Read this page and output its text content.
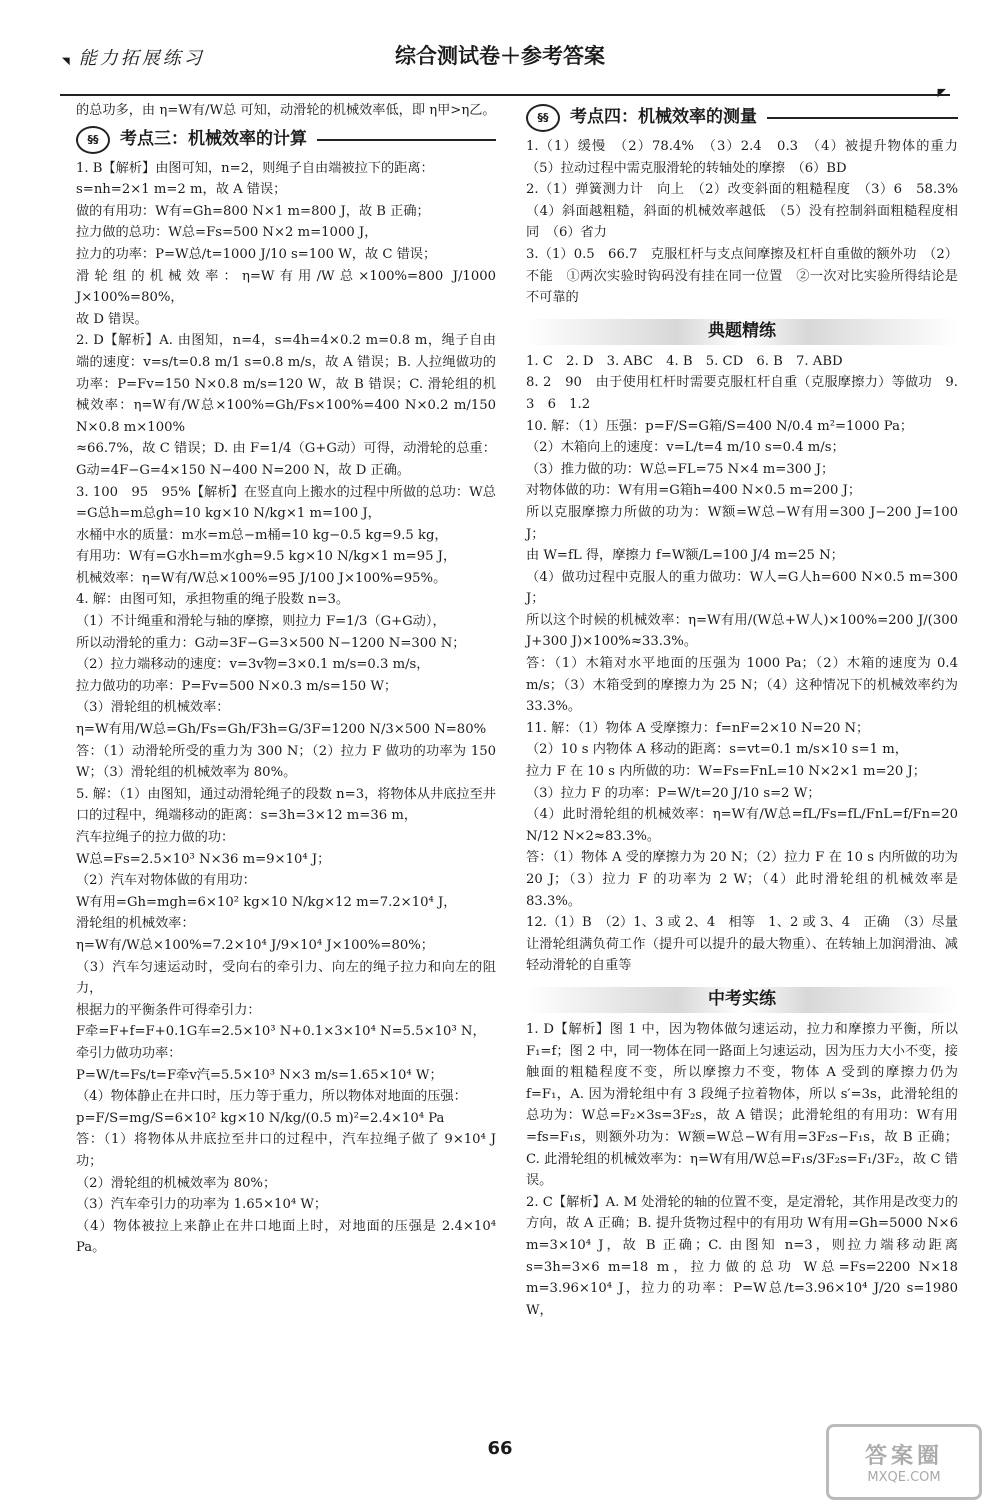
◥ 能力拓展练习	综合测试卷＋参考答案
◤

的总功多，由 η=W有/W总 可知，动滑轮的机械效率低，即 η甲>η乙。

§§	考点三：机械效率的计算

1. B【解析】由图可知，n=2，则绳子自由端被拉下的距离：

s=nh=2×1 m=2 m，故 A 错误；

做的有用功：W有=Gh=800 N×1 m=800 J，故 B 正确；

拉力做的总功：W总=Fs=500 N×2 m=1000 J，

拉力的功率：P=W总/t=1000 J/10 s=100 W，故 C 错误；

滑轮组的机械效率：η=W有用/W总×100%=800 J/1000 J×100%=80%，

故 D 错误。

2. D【解析】A. 由图知，n=4，s=4h=4×0.2 m=0.8 m，绳子自由端的速度：v=s/t=0.8 m/1 s=0.8 m/s，故 A 错误；B. 人拉绳做功的功率：P=Fv=150 N×0.8 m/s=120 W，故 B 错误；C. 滑轮组的机械效率：η=W有/W总×100%=Gh/Fs×100%=400 N×0.2 m/150 N×0.8 m×100%

≈66.7%，故 C 错误；D. 由 F=1/4（G+G动）可得，动滑轮的总重：G动=4F−G=4×150 N−400 N=200 N，故 D 正确。

3. 100　95　95%【解析】在竖直向上搬水的过程中所做的总功：W总=G总h=m总gh=10 kg×10 N/kg×1 m=100 J，

水桶中水的质量：m水=m总−m桶=10 kg−0.5 kg=9.5 kg，

有用功：W有=G水h=m水gh=9.5 kg×10 N/kg×1 m=95 J，

机械效率：η=W有/W总×100%=95 J/100 J×100%=95%。

4. 解：由图可知，承担物重的绳子股数 n=3。

（1）不计绳重和滑轮与轴的摩擦，则拉力 F=1/3（G+G动），

所以动滑轮的重力：G动=3F−G=3×500 N−1200 N=300 N；

（2）拉力端移动的速度：v=3v物=3×0.1 m/s=0.3 m/s，

拉力做功的功率：P=Fv=500 N×0.3 m/s=150 W；

（3）滑轮组的机械效率：

η=W有用/W总=Gh/Fs=Gh/F3h=G/3F=1200 N/3×500 N=80%

答：（1）动滑轮所受的重力为 300 N；（2）拉力 F 做功的功率为 150 W；（3）滑轮组的机械效率为 80%。

5. 解：（1）由图知，通过动滑轮绳子的段数 n=3，将物体从井底拉至井口的过程中，绳端移动的距离：s=3h=3×12 m=36 m，

汽车拉绳子的拉力做的功：

W总=Fs=2.5×10³ N×36 m=9×10⁴ J；

（2）汽车对物体做的有用功：

W有用=Gh=mgh=6×10² kg×10 N/kg×12 m=7.2×10⁴ J，

滑轮组的机械效率：

η=W有/W总×100%=7.2×10⁴ J/9×10⁴ J×100%=80%；

（3）汽车匀速运动时，受向右的牵引力、向左的绳子拉力和向左的阻力，

根据力的平衡条件可得牵引力：

F牵=F+f=F+0.1G车=2.5×10³ N+0.1×3×10⁴ N=5.5×10³ N，

牵引力做功功率：

P=W/t=Fs/t=F牵v汽=5.5×10³ N×3 m/s=1.65×10⁴ W；

（4）物体静止在井口时，压力等于重力，所以物体对地面的压强：

p=F/S=mg/S=6×10² kg×10 N/kg/(0.5 m)²=2.4×10⁴ Pa

答：（1）将物体从井底拉至井口的过程中，汽车拉绳子做了 9×10⁴ J 功；

（2）滑轮组的机械效率为 80%；

（3）汽车牵引力的功率为 1.65×10⁴ W；

（4）物体被拉上来静止在井口地面上时，对地面的压强是 2.4×10⁴ Pa。

§§	考点四：机械效率的测量

1.（1）缓慢　（2）78.4%　（3）2.4　0.3　（4）被提升物体的重力　（5）拉动过程中需克服滑轮的转轴处的摩擦　（6）BD

2.（1）弹簧测力计　向上　（2）改变斜面的粗糙程度　（3）6　58.3%　（4）斜面越粗糙，斜面的机械效率越低　（5）没有控制斜面粗糙程度相同　（6）省力

3.（1）0.5　66.7　克服杠杆与支点间摩擦及杠杆自重做的额外功　（2）不能　①两次实验时钩码没有挂在同一位置　②一次对比实验所得结论是不可靠的

典题精练

1. C　2. D　3. ABC　4. B　5. CD　6. B　7. ABD

8. 2　90　由于使用杠杆时需要克服杠杆自重（克服摩擦力）等做功　9. 3　6　1.2

10. 解：（1）压强：p=F/S=G箱/S=400 N/0.4 m²=1000 Pa；

（2）木箱向上的速度：v=L/t=4 m/10 s=0.4 m/s；

（3）推力做的功：W总=FL=75 N×4 m=300 J；

对物体做的功：W有用=G箱h=400 N×0.5 m=200 J；

所以克服摩擦力所做的功为：W额=W总−W有用=300 J−200 J=100 J；

由 W=fL 得，摩擦力 f=W额/L=100 J/4 m=25 N；

（4）做功过程中克服人的重力做功：W人=G人h=600 N×0.5 m=300 J；

所以这个时候的机械效率：η=W有用/(W总+W人)×100%=200 J/(300 J+300 J)×100%≈33.3%。

答：（1）木箱对水平地面的压强为 1000 Pa；（2）木箱的速度为 0.4 m/s；（3）木箱受到的摩擦力为 25 N；（4）这种情况下的机械效率约为 33.3%。

11. 解：（1）物体 A 受摩擦力：f=nF=2×10 N=20 N；

（2）10 s 内物体 A 移动的距离：s=vt=0.1 m/s×10 s=1 m，

拉力 F 在 10 s 内所做的功：W=Fs=FnL=10 N×2×1 m=20 J；

（3）拉力 F 的功率：P=W/t=20 J/10 s=2 W；

（4）此时滑轮组的机械效率：η=W有/W总=fL/Fs=fL/FnL=f/Fn=20 N/12 N×2≈83.3%。

答：（1）物体 A 受的摩擦力为 20 N；（2）拉力 F 在 10 s 内所做的功为 20 J；（3）拉力 F 的功率为 2 W；（4）此时滑轮组的机械效率是 83.3%。

12.（1）B　（2）1、3 或 2、4　相等　1、2 或 3、4　正确　（3）尽量让滑轮组满负荷工作（提升可以提升的最大物重）、在转轴上加润滑油、减轻动滑轮的自重等

中考实练

1. D【解析】图 1 中，因为物体做匀速运动，拉力和摩擦力平衡，所以 F₁=f；图 2 中，同一物体在同一路面上匀速运动，因为压力大小不变，接触面的粗糙程度不变，所以摩擦力不变，物体 A 受到的摩擦力仍为 f=F₁，A. 因为滑轮组中有 3 段绳子拉着物体，所以 s′=3s，此滑轮组的总功为：W总=F₂×3s=3F₂s，故 A 错误；此滑轮组的有用功：W有用=fs=F₁s，则额外功为：W额=W总−W有用=3F₂s−F₁s，故 B 正确；C. 此滑轮组的机械效率为：η=W有用/W总=F₁s/3F₂s=F₁/3F₂，故 C 错误。

2. C【解析】A. M 处滑轮的轴的位置不变，是定滑轮，其作用是改变力的方向，故 A 正确；B. 提升货物过程中的有用功 W有用=Gh=5000 N×6 m=3×10⁴ J，故 B 正确；C. 由图知 n=3，则拉力端移动距离 s=3h=3×6 m=18 m，拉力做的总功 W总=Fs=2200 N×18 m=3.96×10⁴ J，拉力的功率：P=W总/t=3.96×10⁴ J/20 s=1980 W，

66	答案圈
MXQE.COM
